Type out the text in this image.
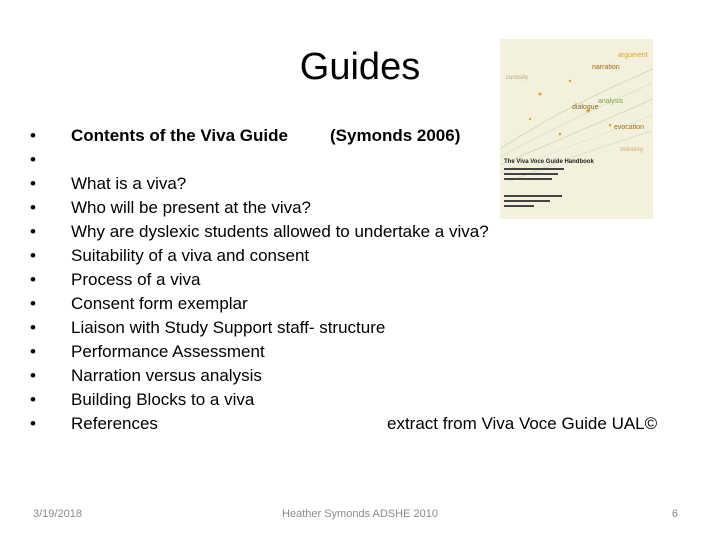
Guides	argument
narration
analysis
dialogue
evocation
curiosity
debating
The Viva Voce Guide Handbook
•	Contents of the Viva Guide (Symonds 2006)
•
•	What is a viva?
•	Who will be present at the viva?
•	Why are dyslexic students allowed to undertake a viva?
•	Suitability of a viva and consent
•	Process of a viva
•	Consent form exemplar
•	Liaison with Study Support staff- structure
•	Performance Assessment
•	Narration versus analysis
•	Building Blocks to a viva
•	References	extract from Viva Voce Guide UAL©
3/19/2018	Heather Symonds ADSHE 2010	6
